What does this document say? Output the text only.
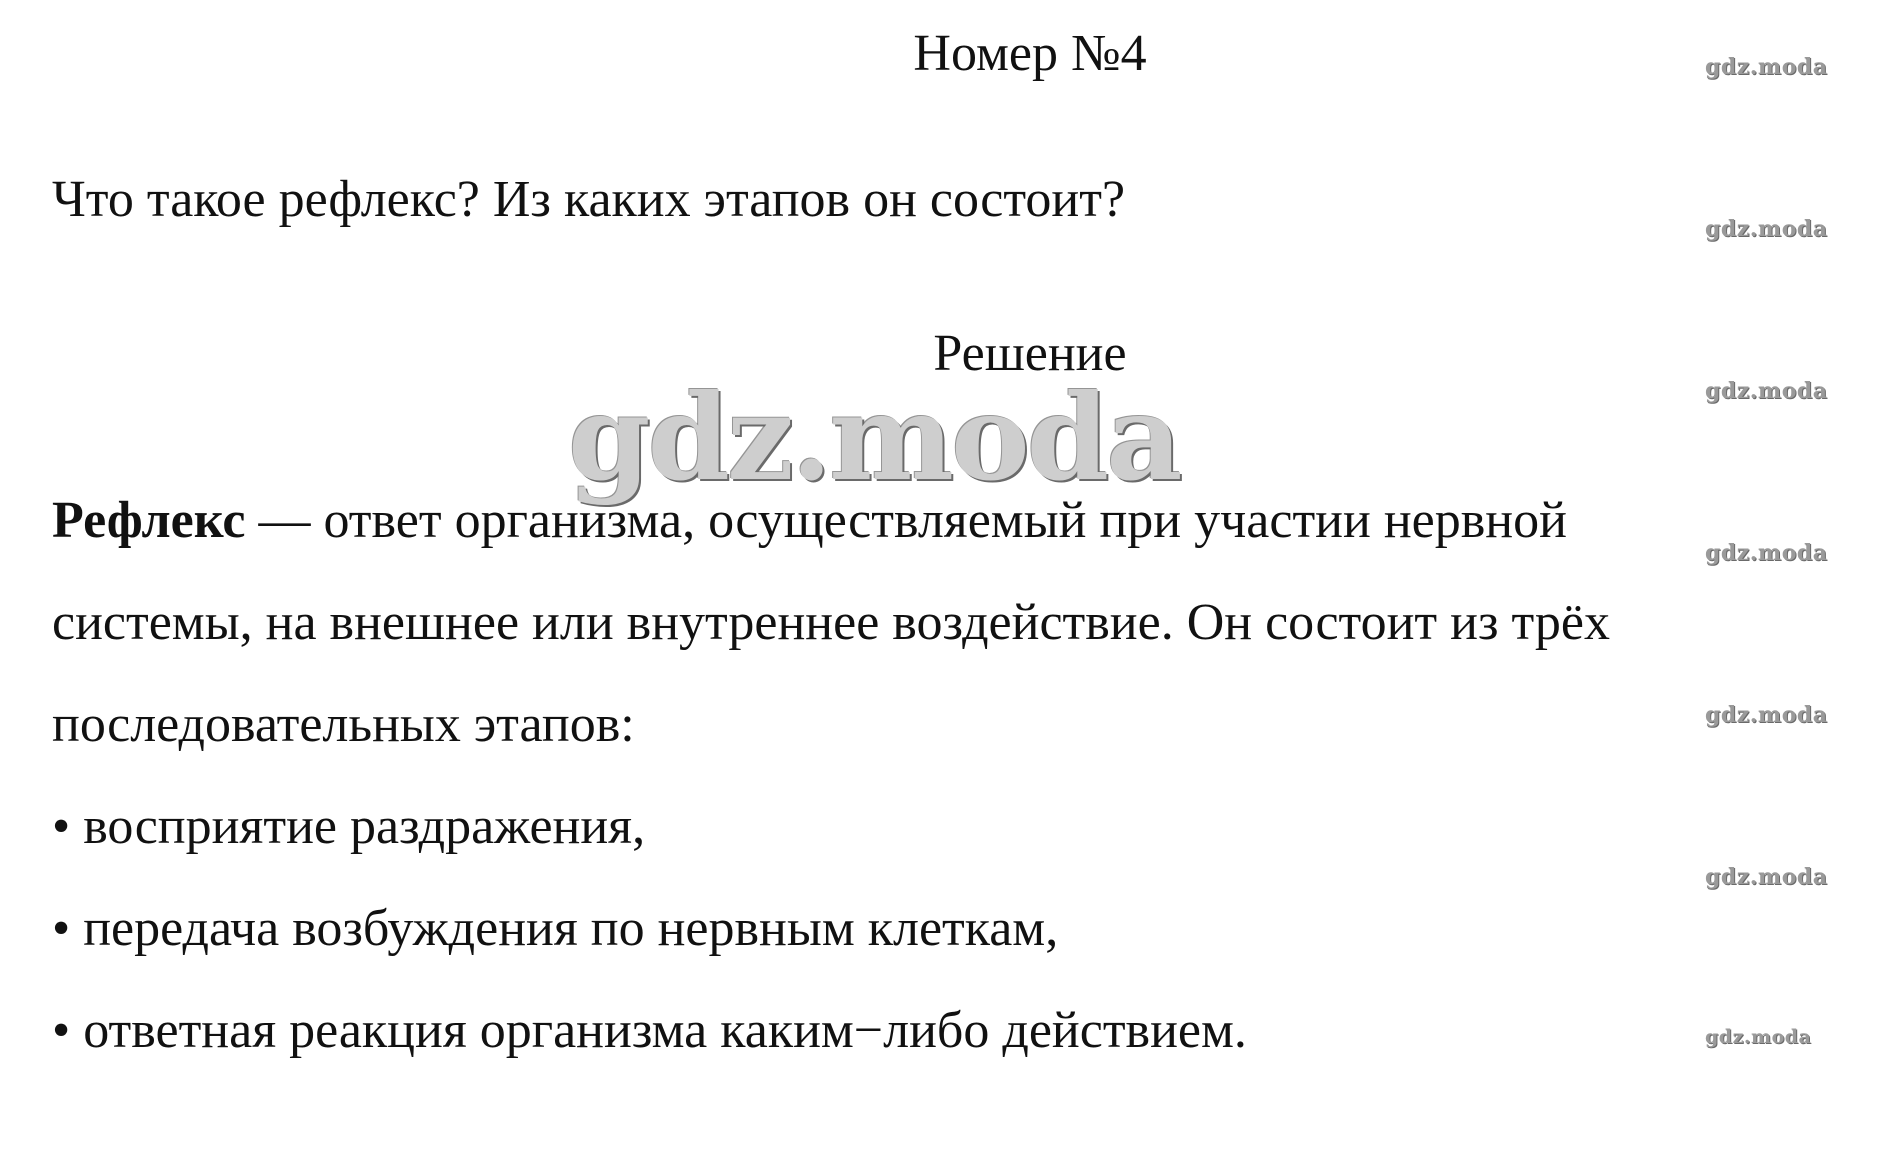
Номер №4
Что такое рефлекс? Из каких этапов он состоит?
Решение
gdz.moda
Рефлекс — ответ организма, осуществляемый при участии нервной
системы, на внешнее или внутреннее воздействие. Он состоит из трёх
последовательных этапов:
• восприятие раздражения,
• передача возбуждения по нервным клеткам,
• ответная реакция организма каким−либо действием.
gdz.moda
gdz.moda
gdz.moda
gdz.moda
gdz.moda
gdz.moda
gdz.moda
